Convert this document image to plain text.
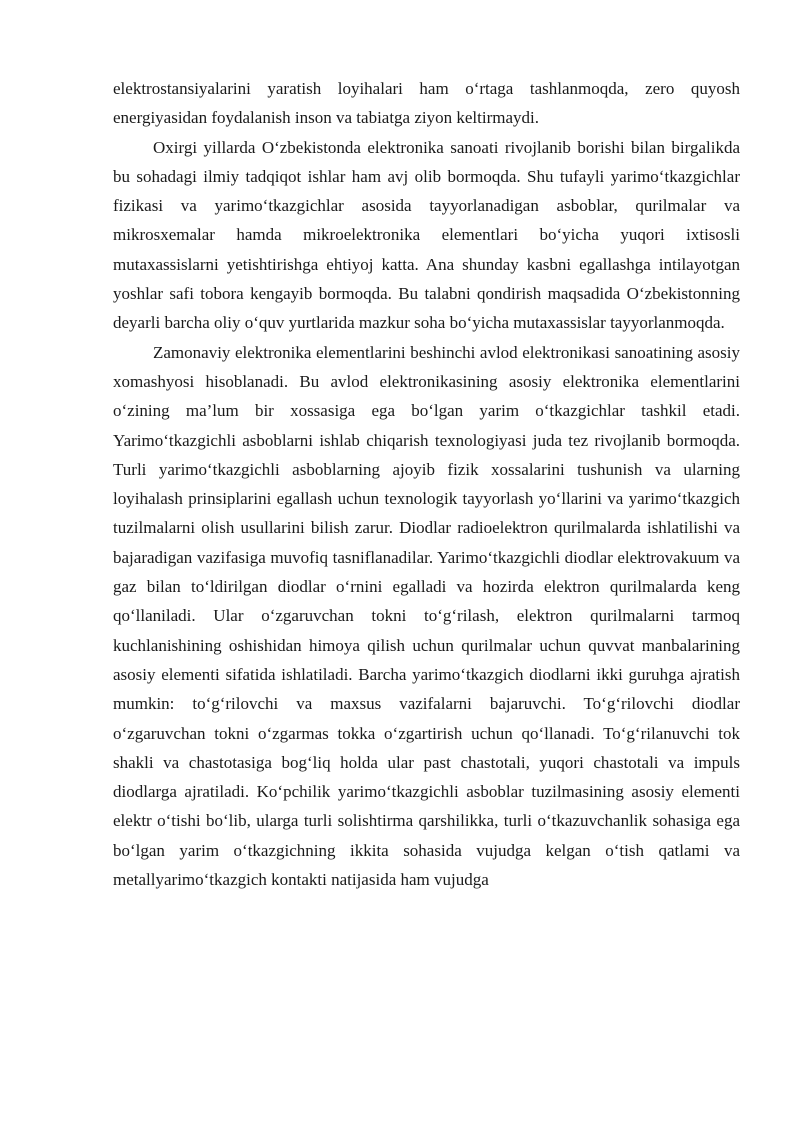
elektrostansiyalarini yaratish loyihalari ham o‘rtaga tashlanmoqda, zero quyosh energiyasidan foydalanish inson va tabiatga ziyon keltirmaydi.

Oxirgi yillarda O‘zbekistonda elektronika sanoati rivojlanib borishi bilan birgalikda bu sohadagi ilmiy tadqiqot ishlar ham avj olib bormoqda. Shu tufayli yarimo‘tkazgichlar fizikasi va yarimo‘tkazgichlar asosida tayyorlanadigan asboblar, qurilmalar va mikrosxemalar hamda mikroelektronika elementlari bo‘yicha yuqori ixtisosli mutaxassislarni yetishtirishga ehtiyoj katta. Ana shunday kasbni egallashga intilayotgan yoshlar safi tobora kengayib bormoqda. Bu talabni qondirish maqsadida O‘zbekistonning deyarli barcha oliy o‘quv yurtlarida mazkur soha bo‘yicha mutaxassislar tayyorlanmoqda.

Zamonaviy elektronika elementlarini beshinchi avlod elektronikasi sanoatining asosiy xomashyosi hisoblanadi. Bu avlod elektronikasining asosiy elektronika elementlarini o‘zining ma’lum bir xossasiga ega bo‘lgan yarim o‘tkazgichlar tashkil etadi. Yarimo‘tkazgichli asboblarni ishlab chiqarish texnologiyasi juda tez rivojlanib bormoqda. Turli yarimo‘tkazgichli asboblarning ajoyib fizik xossalarini tushunish va ularning loyihalash prinsiplarini egallash uchun texnologik tayyorlash yo‘llarini va yarimo‘tkazgich tuzilmalarni olish usullarini bilish zarur. Diodlar radioelektron qurilmalarda ishlatilishi va bajaradigan vazifasiga muvofiq tasniflanadilar. Yarimo‘tkazgichli diodlar elektrovakuum va gaz bilan to‘ldirilgan diodlar o‘rnini egalladi va hozirda elektron qurilmalarda keng qo‘llaniladi. Ular o‘zgaruvchan tokni to‘g‘rilash, elektron qurilmalarni tarmoq kuchlanishining oshishidan himoya qilish uchun qurilmalar uchun quvvat manbalarining asosiy elementi sifatida ishlatiladi. Barcha yarimo‘tkazgich diodlarni ikki guruhga ajratish mumkin: to‘g‘rilovchi va maxsus vazifalarni bajaruvchi. To‘g‘rilovchi diodlar o‘zgaruvchan tokni o‘zgarmas tokka o‘zgartirish uchun qo‘llanadi. To‘g‘rilanuvchi tok shakli va chastotasiga bog‘liq holda ular past chastotali, yuqori chastotali va impuls diodlarga ajratiladi. Ko‘pchilik yarimo‘tkazgichli asboblar tuzilmasining asosiy elementi elektr o‘tishi bo‘lib, ularga turli solishtirma qarshilikka, turli o‘tkazuvchanlik sohasiga ega bo‘lgan yarim o‘tkazgichning ikkita sohasida vujudga kelgan o‘tish qatlami va metallyarimo‘tkazgich kontakti natijasida ham vujudga
